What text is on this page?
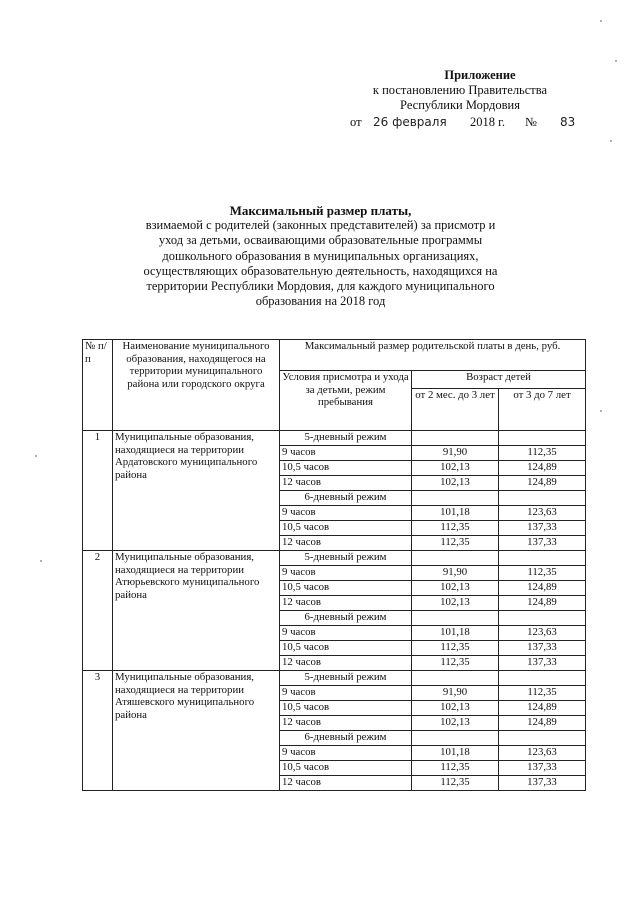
Приложение
к постановлению Правительства
Республики Мордовия
от 26 февраля 2018 г. № 83
Максимальный размер платы,
взимаемой с родителей (законных представителей) за присмотр и
уход за детьми, осваивающими образовательные программы
дошкольного образования в муниципальных организациях,
осуществляющих образовательную деятельность, находящихся на
территории Республики Мордовия, для каждого муниципального
образования на 2018 год
№ п/п	Наименование муниципального образования, находящегося на территории муниципального района или городского округа	Максимальный размер родительской платы в день, руб.		
		Условия присмотра и ухода за детьми, режим пребывания	Возраст детей	
			от 2 мес. до 3 лет	от 3 до 7 лет
1	Муниципальные образования, находящиеся на территории Ардатовского муниципального района	5-дневный режим		
		9 часов	91,90	112,35
		10,5 часов	102,13	124,89
		12 часов	102,13	124,89
		6-дневный режим		
		9 часов	101,18	123,63
		10,5 часов	112,35	137,33
		12 часов	112,35	137,33
2	Муниципальные образования, находящиеся на территории Атюрьевского муниципального района	5-дневный режим		
		9 часов	91,90	112,35
		10,5 часов	102,13	124,89
		12 часов	102,13	124,89
		6-дневный режим		
		9 часов	101,18	123,63
		10,5 часов	112,35	137,33
		12 часов	112,35	137,33
3	Муниципальные образования, находящиеся на территории Атяшевского муниципального района	5-дневный режим		
		9 часов	91,90	112,35
		10,5 часов	102,13	124,89
		12 часов	102,13	124,89
		6-дневный режим		
		9 часов	101,18	123,63
		10,5 часов	112,35	137,33
		12 часов	112,35	137,33
